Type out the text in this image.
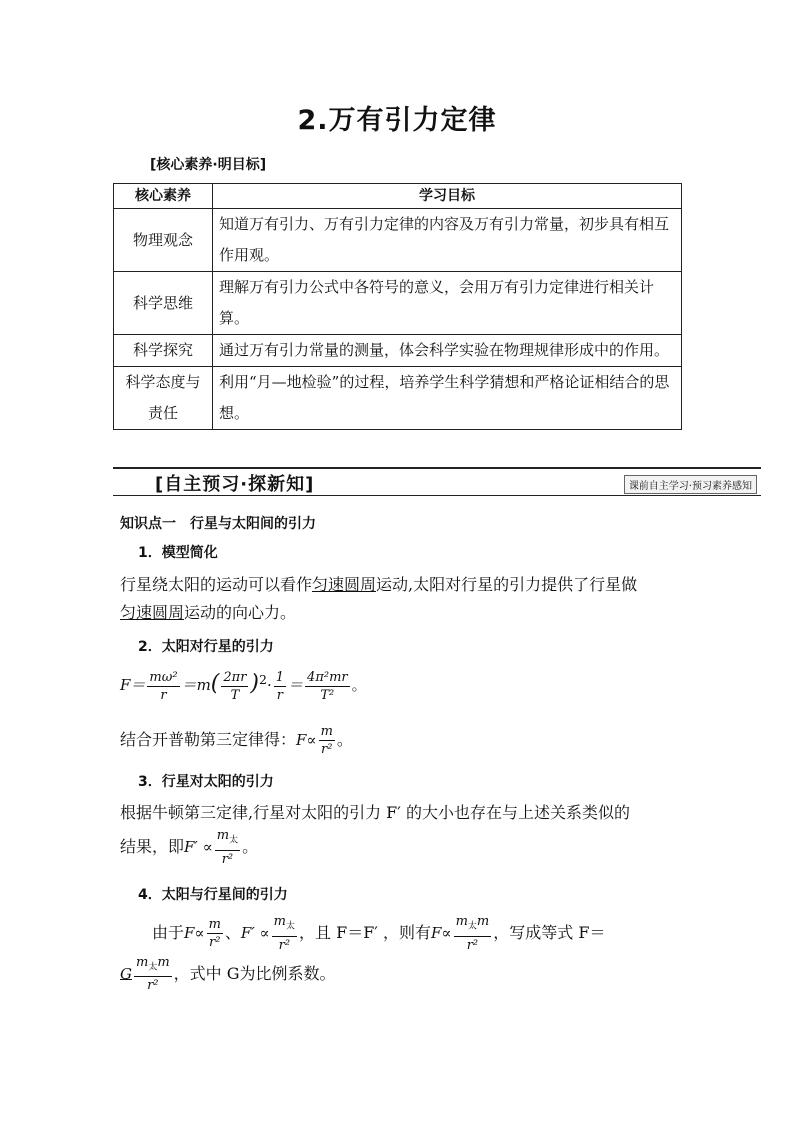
2.万有引力定律
[核心素养·明目标]
核心素养	学习目标
物理观念	知道万有引力、万有引力定律的内容及万有引力常量，初步具有相互作用观。
科学思维	理解万有引力公式中各符号的意义，会用万有引力定律进行相关计算。
科学探究	通过万有引力常量的测量，体会科学实验在物理规律形成中的作用。
科学态度与责任	利用“月—地检验”的过程，培养学生科学猜想和严格论证相结合的思想。
[自主预习·探新知]	课前自主学习·预习素养感知
知识点一　行星与太阳间的引力
1．模型简化
行星绕太阳的运动可以看作匀速圆周运动,太阳对行星的引力提供了行星做
匀速圆周运动的向心力。
2．太阳对行星的引力
$F= \frac{\text{mω²}}{r} =m( \frac{2\pi r}{T} )^2\cdot \frac{1}{r} = \frac{\text{4π²mr}}{\text{T²}}$ 。
结合开普勒第三定律得：$F\propto \frac{m}{\text{r²}}$ 。
3．行星对太阳的引力
根据牛顿第三定律,行星对太阳的引力 F′ 的大小也存在与上述关系类似的
结果，即$F' \propto \frac{m_太}{\text{r²}}$ 。
4．太阳与行星间的引力
由于$F\propto \frac{m}{\text{r²}}$ 、$F' \propto \frac{m_太}{\text{r²}}$ ，且 F＝F′ ，则有$F\propto \frac{m_太m}{\text{r²}}$ ，写成等式 F＝
G $\frac{m_太m}{\text{r²}}$ ，式中 G为比例系数。
